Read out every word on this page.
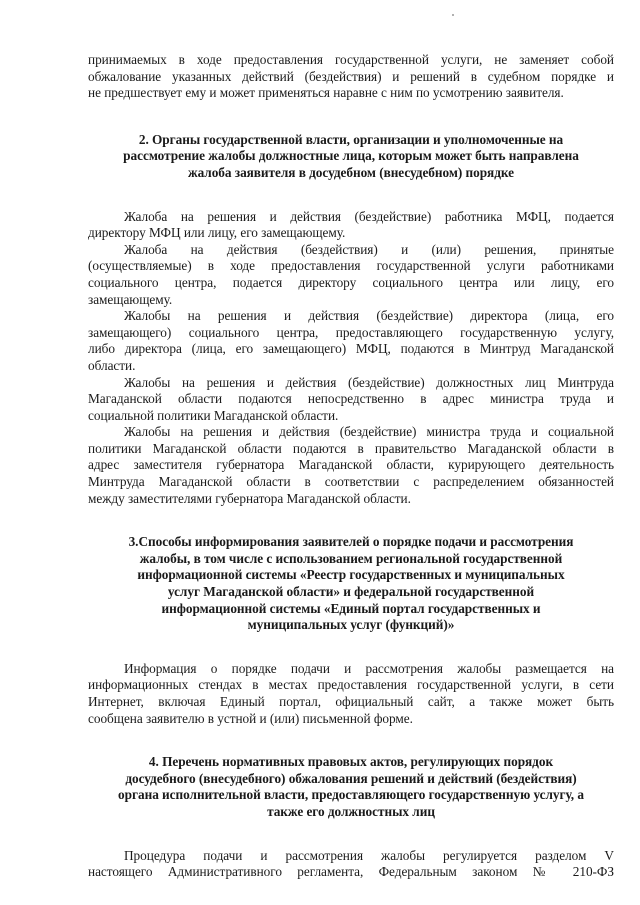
принимаемых в ходе предоставления государственной услуги, не заменяет собой
обжалование указанных действий (бездействия) и решений в судебном порядке и
не предшествует ему и может применяться наравне с ним по усмотрению заявителя.
2. Органы государственной власти, организации и уполномоченные на
рассмотрение жалобы должностные лица, которым может быть направлена
жалоба заявителя в досудебном (внесудебном) порядке
Жалоба на решения и действия (бездействие) работника МФЦ, подается
директору МФЦ или лицу, его замещающему.
Жалоба на действия (бездействия) и (или) решения, принятые
(осуществляемые) в ходе предоставления государственной услуги работниками
социального центра, подается директору социального центра или лицу, его
замещающему.
Жалобы на решения и действия (бездействие) директора (лица, его
замещающего) социального центра, предоставляющего государственную услугу,
либо директора (лица, его замещающего) МФЦ, подаются в Минтруд Магаданской
области.
Жалобы на решения и действия (бездействие) должностных лиц Минтруда
Магаданской области подаются непосредственно в адрес министра труда и
социальной политики Магаданской области.
Жалобы на решения и действия (бездействие) министра труда и социальной
политики Магаданской области подаются в правительство Магаданской области в
адрес заместителя губернатора Магаданской области, курирующего деятельность
Минтруда Магаданской области в соответствии с распределением обязанностей
между заместителями губернатора Магаданской области.
3.Способы информирования заявителей о порядке подачи и рассмотрения
жалобы, в том числе с использованием региональной государственной
информационной системы «Реестр государственных и муниципальных
услуг Магаданской области» и федеральной государственной
информационной системы «Единый портал государственных и
муниципальных услуг (функций)»
Информация о порядке подачи и рассмотрения жалобы размещается на
информационных стендах в местах предоставления государственной услуги, в сети
Интернет, включая Единый портал, официальный сайт, а также может быть
сообщена заявителю в устной и (или) письменной форме.
4. Перечень нормативных правовых актов, регулирующих порядок
досудебного (внесудебного) обжалования решений и действий (бездействия)
органа исполнительной власти, предоставляющего государственную услугу, а
также его должностных лиц
Процедура подачи и рассмотрения жалобы регулируется разделом V
настоящего Административного регламента, Федеральным законом № 210-ФЗ
